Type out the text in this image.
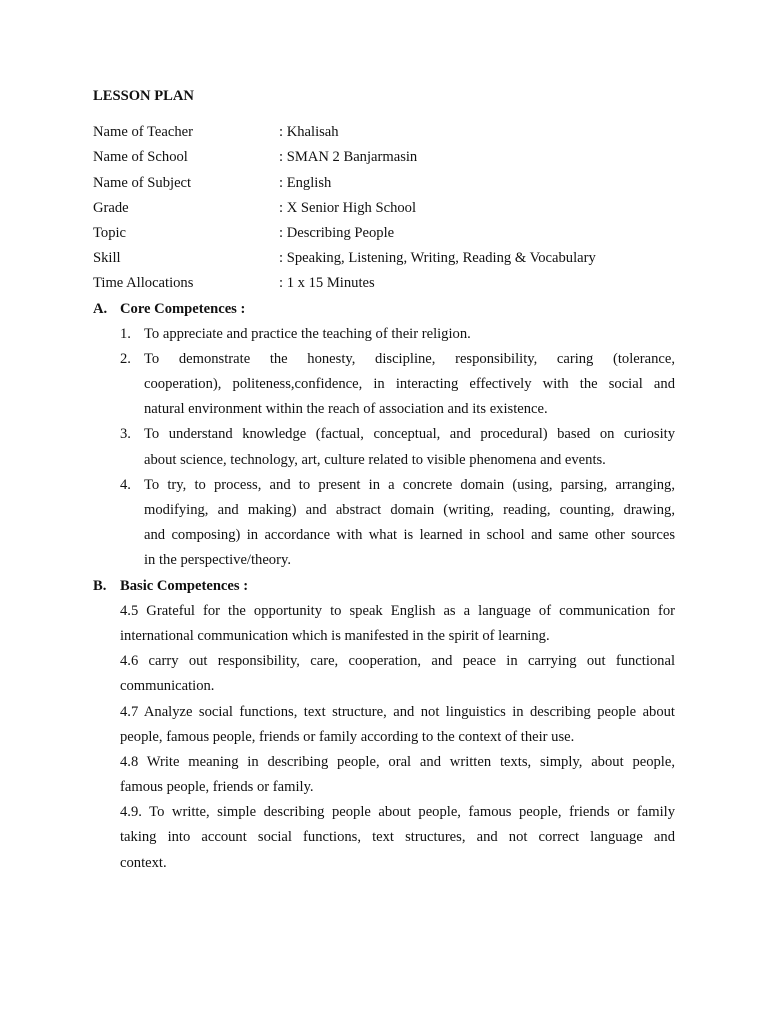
LESSON PLAN
Name of Teacher	: Khalisah
Name of School	: SMAN 2 Banjarmasin
Name of Subject	: English
Grade	: X Senior High School
Topic	: Describing People
Skill	: Speaking, Listening, Writing, Reading & Vocabulary
Time Allocations	: 1 x 15 Minutes
A. Core Competences :
1. To appreciate and practice the teaching of their religion.
2. To demonstrate the honesty, discipline, responsibility, caring (tolerance,
cooperation), politeness,confidence, in interacting effectively with the social and
natural environment within the reach of association and its existence.
3. To understand knowledge (factual, conceptual, and procedural) based on curiosity
about science, technology, art, culture related to visible phenomena and events.
4. To try, to process, and to present in a concrete domain (using, parsing, arranging,
modifying, and making) and abstract domain (writing, reading, counting, drawing,
and composing) in accordance with what is learned in school and same other sources
in the perspective/theory.
B. Basic Competences :
4.5 Grateful for the opportunity to speak English as a language of communication for
international communication which is manifested in the spirit of learning.
4.6 carry out responsibility, care, cooperation, and peace in carrying out functional
communication.
4.7 Analyze social functions, text structure, and not linguistics in describing people about
people, famous people, friends or family according to the context of their use.
4.8 Write meaning in describing people, oral and written texts, simply, about people,
famous people, friends or family.
4.9. To writte, simple describing people about people, famous people, friends or family
taking into account social functions, text structures, and not correct language and
context.
